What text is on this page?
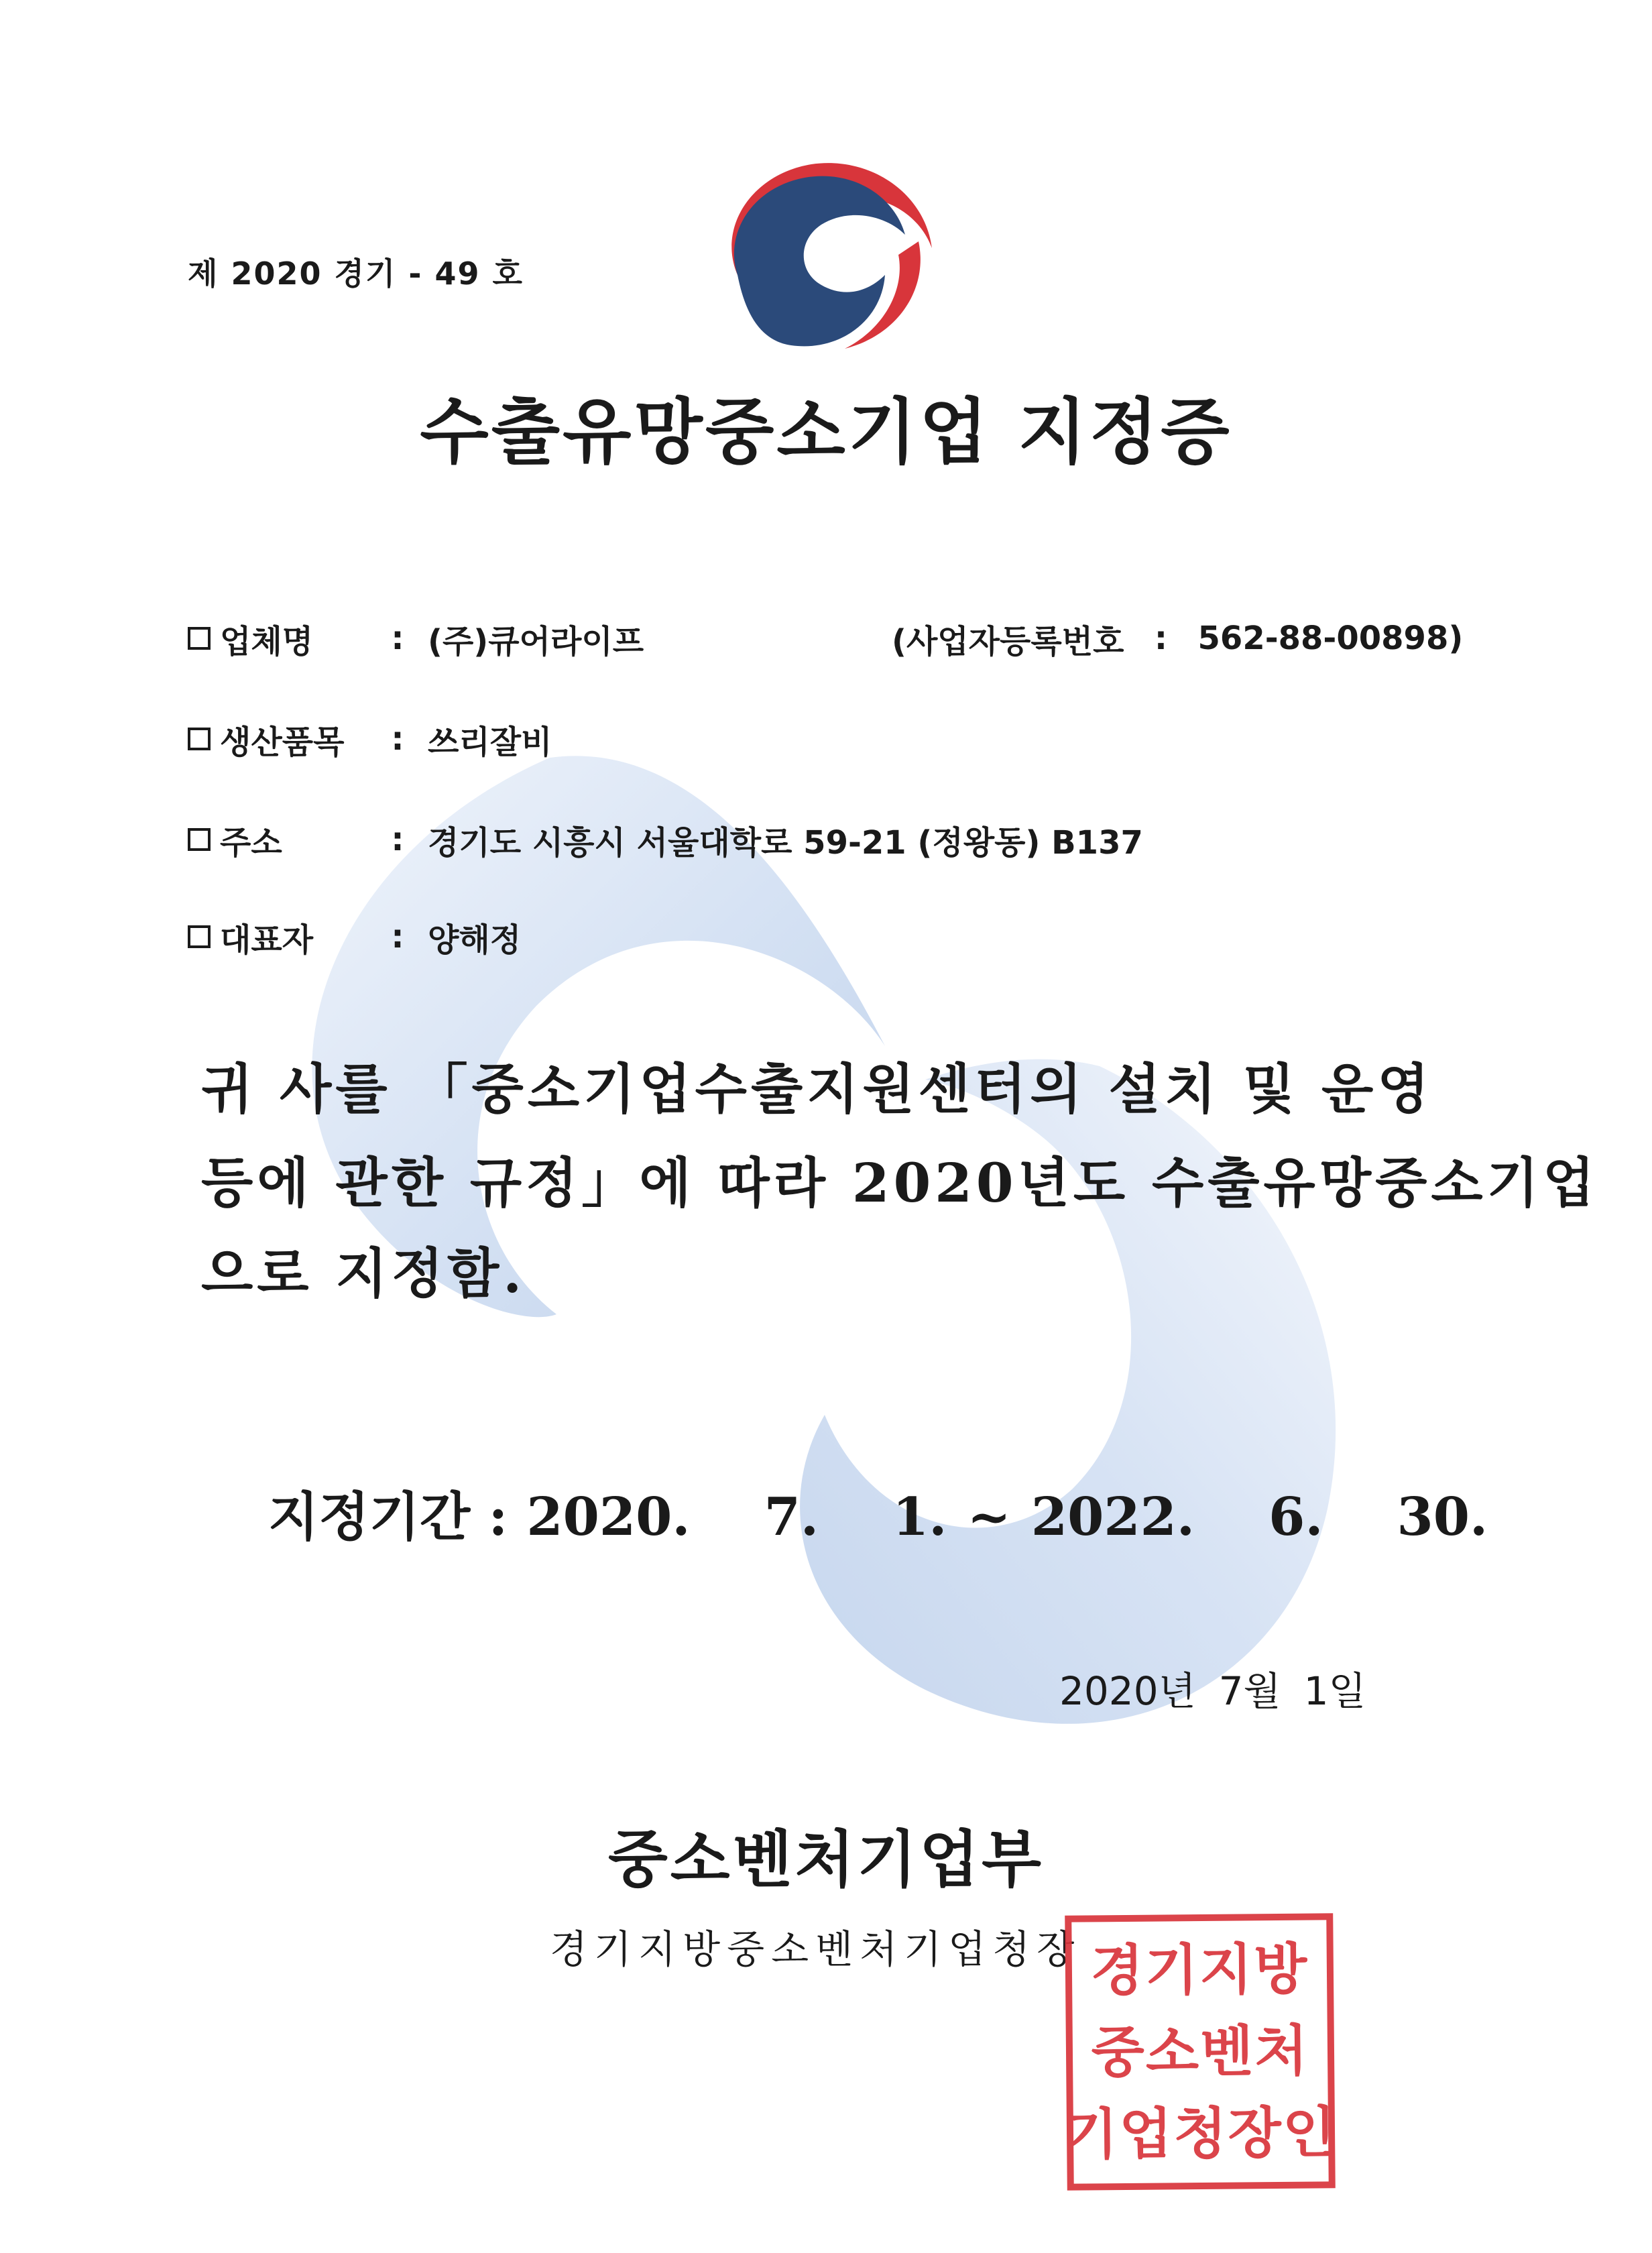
제 2020 경기 - 49 호
수출유망중소기업 지정증
업체명	: (주)큐어라이프	(사업자등록번호 : 562-88-00898)
생산품목	: 쓰리잘비
주소	: 경기도 시흥시 서울대학로 59-21 (정왕동) B137
대표자	: 양해정
귀 사를 「중소기업수출지원센터의 설치 및 운영
등에 관한 규정」에 따라 2020년도 수출유망중소기업
으로 지정함.
지정기간 : 2020. 7. 1. ~ 2022. 6. 30.
2020년 7월 1일
중소벤처기업부
경기지방중소벤처기업청장 경기지방
중소벤처
기업청장인
